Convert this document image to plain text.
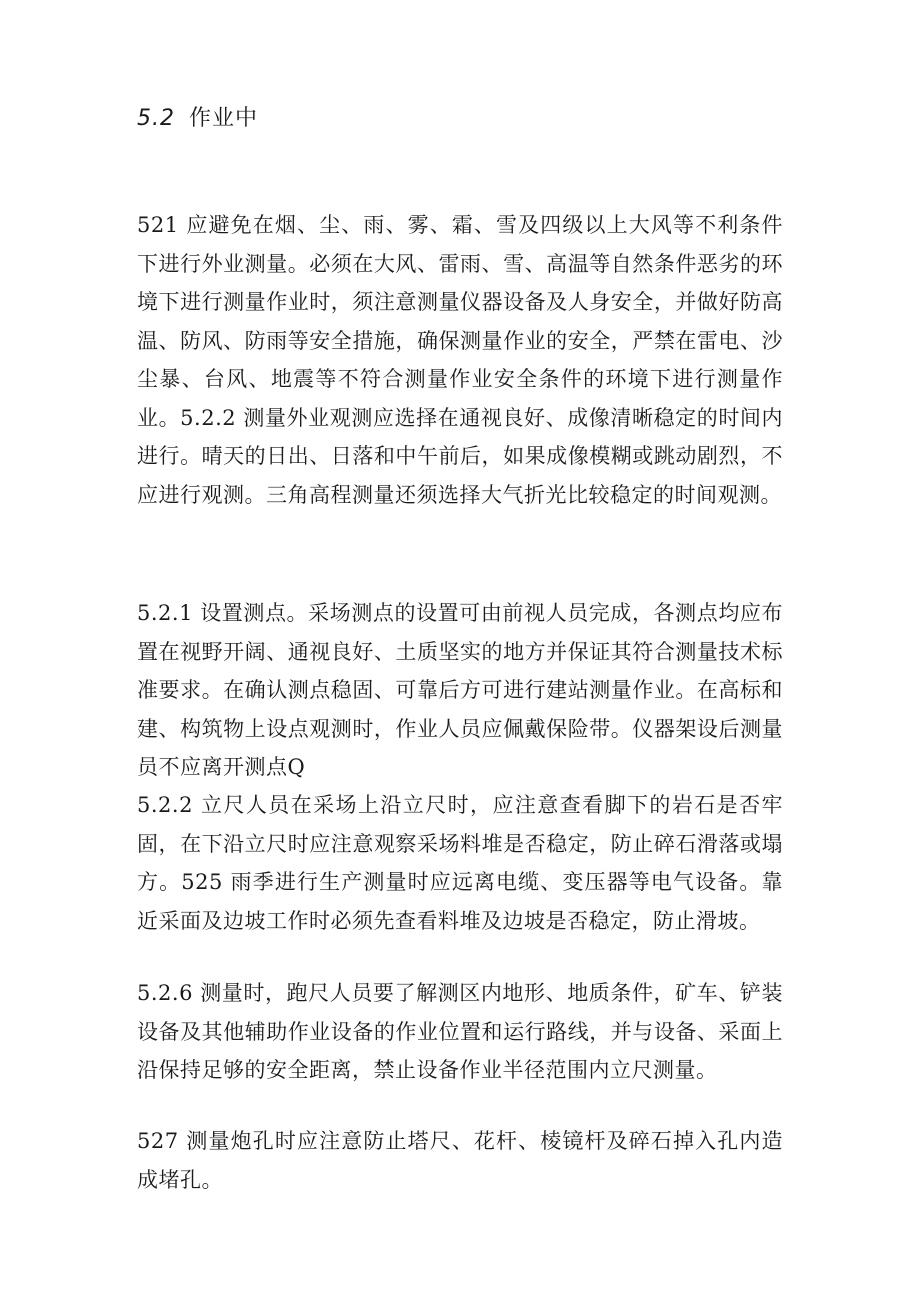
5.2 作业中

521 应避免在烟、尘、雨、雾、霜、雪及四级以上大风等不利条件下进行外业测量。必须在大风、雷雨、雪、高温等自然条件恶劣的环境下进行测量作业时，须注意测量仪器设备及人身安全，并做好防高温、防风、防雨等安全措施，确保测量作业的安全，严禁在雷电、沙尘暴、台风、地震等不符合测量作业安全条件的环境下进行测量作业。5.2.2 测量外业观测应选择在通视良好、成像清晰稳定的时间内进行。晴天的日出、日落和中午前后，如果成像模糊或跳动剧烈，不应进行观测。三角高程测量还须选择大气折光比较稳定的时间观测。

5.2.1 设置测点。采场测点的设置可由前视人员完成，各测点均应布置在视野开阔、通视良好、土质坚实的地方并保证其符合测量技术标准要求。在确认测点稳固、可靠后方可进行建站测量作业。在高标和建、构筑物上设点观测时，作业人员应佩戴保险带。仪器架设后测量员不应离开测点Q

5.2.2 立尺人员在采场上沿立尺时，应注意查看脚下的岩石是否牢固，在下沿立尺时应注意观察采场料堆是否稳定，防止碎石滑落或塌方。525 雨季进行生产测量时应远离电缆、变压器等电气设备。靠近采面及边坡工作时必须先查看料堆及边坡是否稳定，防止滑坡。

5.2.6 测量时，跑尺人员要了解测区内地形、地质条件，矿车、铲装设备及其他辅助作业设备的作业位置和运行路线，并与设备、采面上沿保持足够的安全距离，禁止设备作业半径范围内立尺测量。

527 测量炮孔时应注意防止塔尺、花杆、棱镜杆及碎石掉入孔内造成堵孔。
